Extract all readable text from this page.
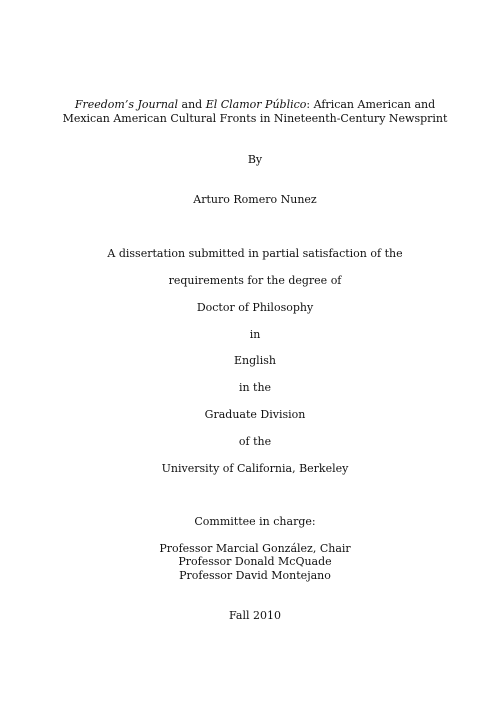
Freedom’s Journal and El Clamor Público: African American and
Mexican American Cultural Fronts in Nineteenth-Century Newsprint
By
Arturo Romero Nunez
A dissertation submitted in partial satisfaction of the
requirements for the degree of
Doctor of Philosophy
in
English
in the
Graduate Division
of the
University of California, Berkeley
Committee in charge:
Professor Marcial González, Chair
Professor Donald McQuade
Professor David Montejano
Fall 2010
